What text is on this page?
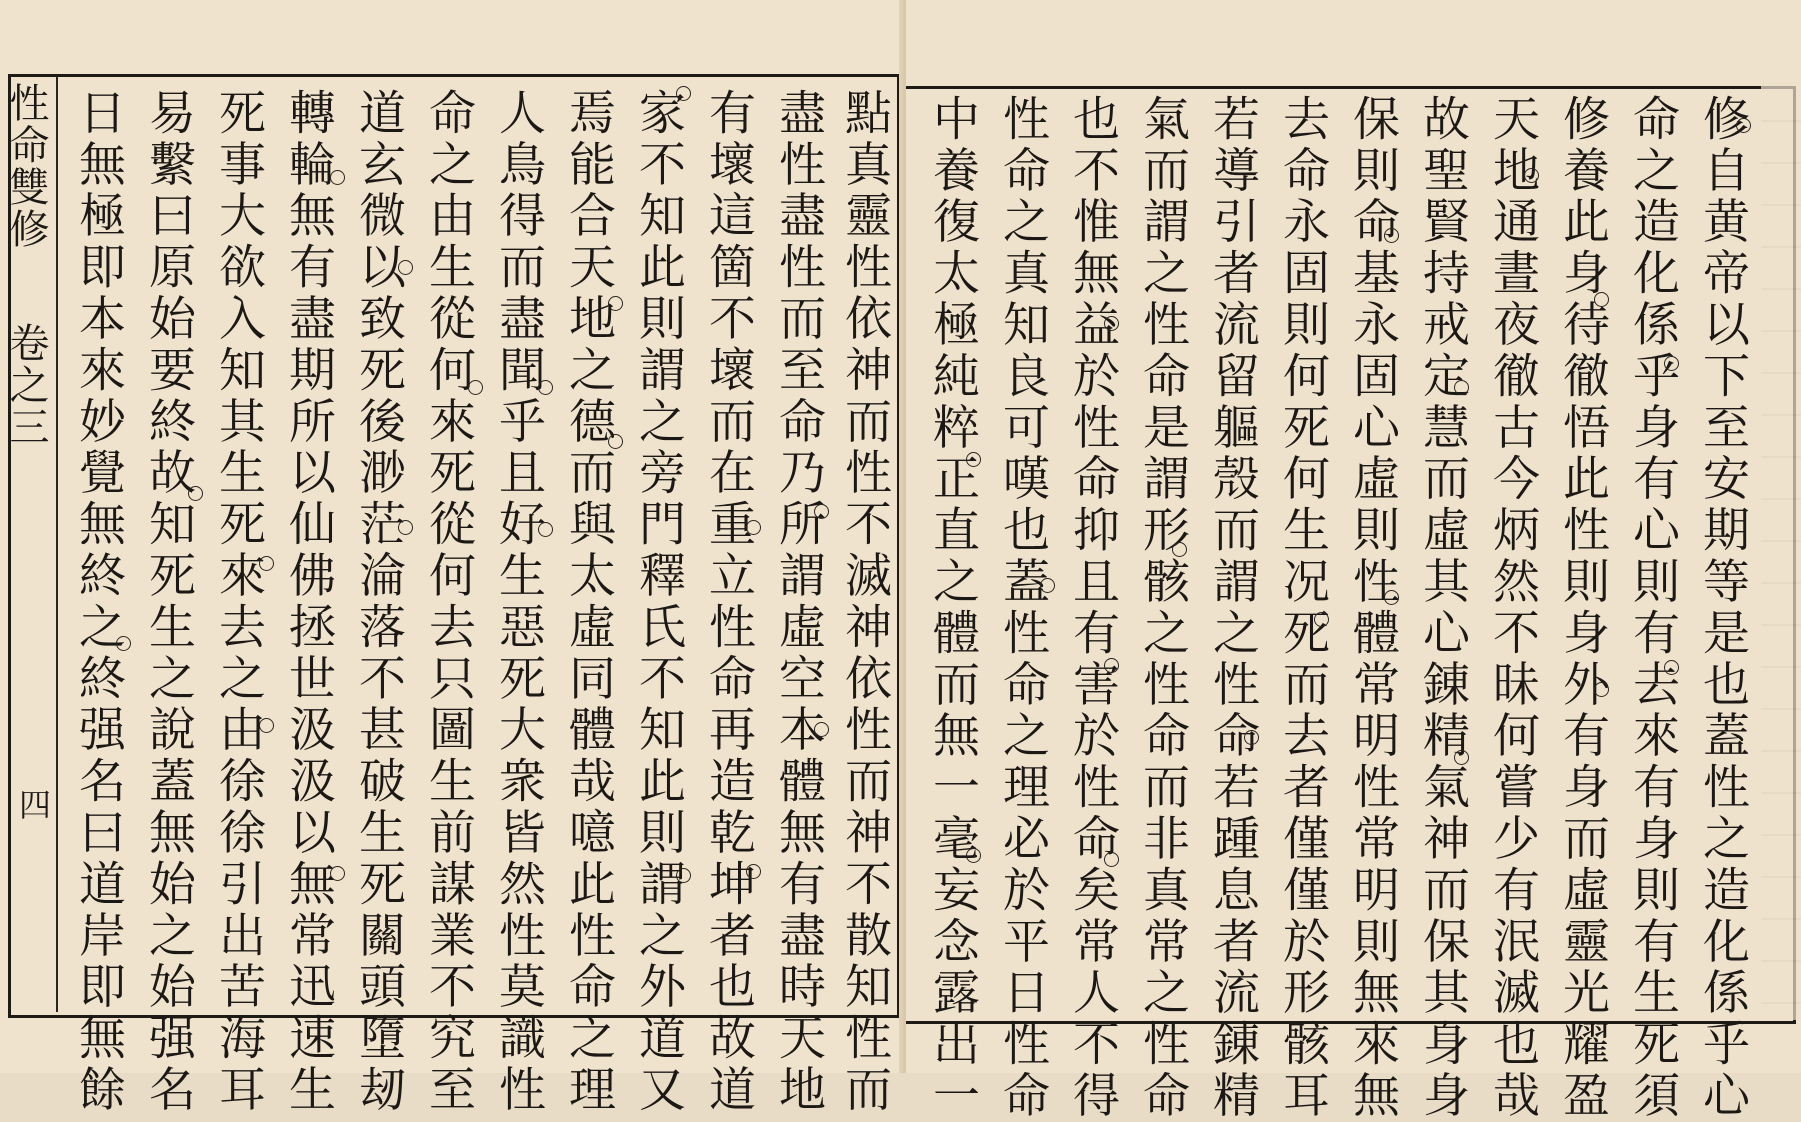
性命雙修
卷之三
四 日無極即本來妙覺無終之終强名曰道岸即無餘 易繫曰原始要終故知死生之說蓋無始之始强名 死事大欲入知其生死來去之由徐徐引出苦海耳 轉輪無有盡期所以仙佛拯世汲汲以無常迅速生 道玄微以致死後渺茫淪落不甚破生死關頭墮刼 命之由生從何來死從何去只圖生前謀業不究至 人鳥得而盡聞乎且好生惡死大衆皆然性莫識性 焉能合天地之德而與太虛同體哉噫此性命之理 家不知此則謂之旁門釋氏不知此則謂之外道又 有壞這箇不壞而在重立性命再造乾坤者也故道 盡性盡性而至命乃所謂虛空本體無有盡時天地 點真靈性依神而性不滅神依性而神不散知性而 中養復太極純粹正直之體而無一毫妄念露出一 性命之真知良可嘆也蓋性命之理必於平日性命 也不惟無益於性命抑且有害於性命矣常人不得 氣而謂之性命是謂形骸之性命而非真常之性命 若導引者流留軀殼而謂之性命若踵息者流錬精 去命永固則何死何生况死而去者僅僅於形骸耳 保則命基永固心虛則性體常明性常明則無來無 故聖賢持戒定慧而虛其心錬精氣神而保其身身 天地通晝夜徹古今炳然不昧何嘗少有泯滅也哉 修養此身待徹悟此性則身外有身而虛靈光耀盈 命之造化係乎身有心則有去來有身則有生死須 修自黄帝以下至安期等是也蓋性之造化係乎心
